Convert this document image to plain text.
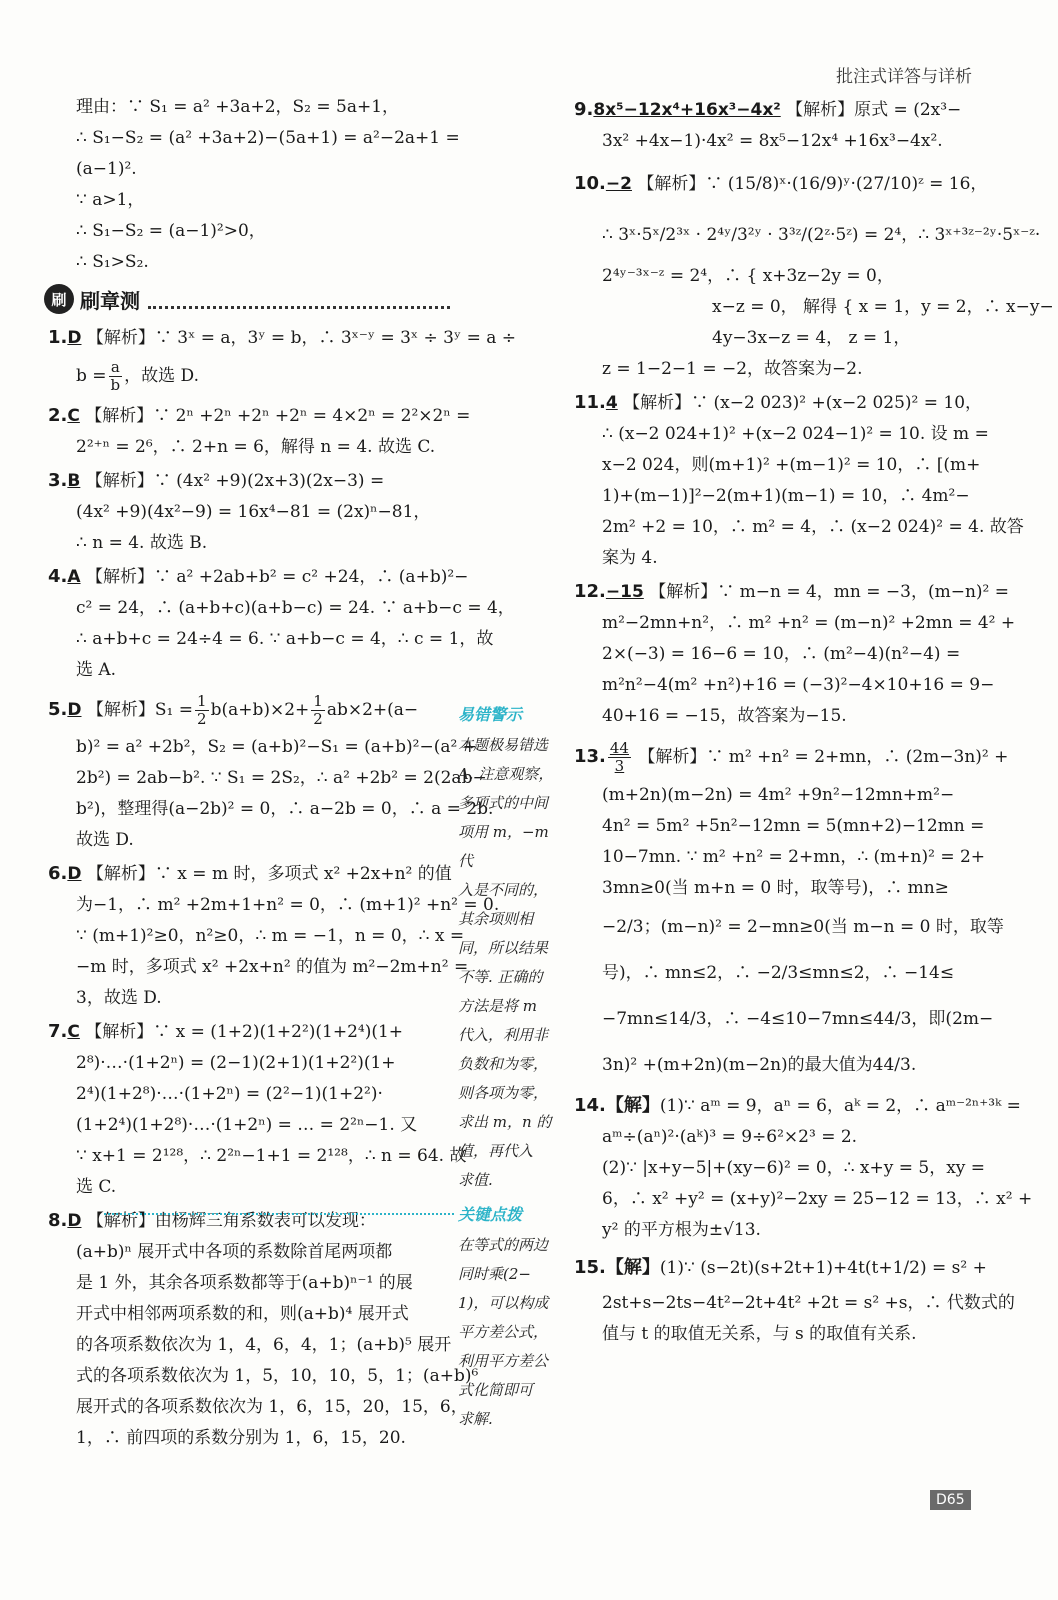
批注式详答与详析
理由：∵ S₁ = a² +3a+2，S₂ = 5a+1，
∴ S₁−S₂ = (a² +3a+2)−(5a+1) = a²−2a+1 =
(a−1)².
∵ a>1，
∴ S₁−S₂ = (a−1)²>0，
∴ S₁>S₂.
刷 刷章测
1.D 【解析】∵ 3ˣ = a，3ʸ = b，∴ 3ˣ⁻ʸ = 3ˣ ÷ 3ʸ = a ÷
$b = \frac{a}{b}$ ，故选 D.
2.C 【解析】∵ 2ⁿ +2ⁿ +2ⁿ +2ⁿ = 4×2ⁿ = 2²×2ⁿ =
2²⁺ⁿ = 2⁶，∴ 2+n = 6，解得 n = 4. 故选 C.
3.B 【解析】∵ (4x² +9)(2x+3)(2x−3) =
(4x² +9)(4x²−9) = 16x⁴−81 = (2x)ⁿ−81，
∴ n = 4. 故选 B.
4.A 【解析】∵ a² +2ab+b² = c² +24，∴ (a+b)²−
c² = 24，∴ (a+b+c)(a+b−c) = 24. ∵ a+b−c = 4，
∴ a+b+c = 24÷4 = 6. ∵ a+b−c = 4，∴ c = 1，故
选 A.
5.D 【解析】$S_1 = \frac{1}{2} b(a+b)\times 2+ \frac{1}{2} ab\times 2+(a-$
b)² = a² +2b²，S₂ = (a+b)²−S₁ = (a+b)²−(a² +
2b²) = 2ab−b². ∵ S₁ = 2S₂，∴ a² +2b² = 2(2ab−
b²)，整理得(a−2b)² = 0，∴ a−2b = 0，∴ a = 2b.
故选 D.
6.D 【解析】∵ x = m 时，多项式 x² +2x+n² 的值
为−1，∴ m² +2m+1+n² = 0，∴ (m+1)² +n² = 0.
∵ (m+1)²≥0，n²≥0，∴ m = −1，n = 0，∴ x =
−m 时，多项式 x² +2x+n² 的值为 m²−2m+n² =
3，故选 D.
7.C 【解析】∵ x = (1+2)(1+2²)(1+2⁴)(1+
2⁸)·…·(1+2ⁿ) = (2−1)(2+1)(1+2²)(1+
2⁴)(1+2⁸)·…·(1+2ⁿ) = (2²−1)(1+2²)·
(1+2⁴)(1+2⁸)·…·(1+2ⁿ) = … = 2²ⁿ−1. 又
∵ x+1 = 2¹²⁸，∴ 2²ⁿ−1+1 = 2¹²⁸，∴ n = 64. 故
选 C.
8.D 【解析】由杨辉三角系数表可以发现：
(a+b)ⁿ 展开式中各项的系数除首尾两项都
是 1 外，其余各项系数都等于(a+b)ⁿ⁻¹ 的展
开式中相邻两项系数的和，则(a+b)⁴ 展开式
的各项系数依次为 1，4，6，4，1；(a+b)⁵ 展开
式的各项系数依次为 1，5，10，10，5，1；(a+b)⁶
展开式的各项系数依次为 1，6，15，20，15，6，
1，∴ 前四项的系数分别为 1，6，15，20.
易错警示
本题极易错选
A. 注意观察，
多项式的中间
项用 m，−m 代
入是不同的，
其余项则相
同，所以结果
不等. 正确的
方法是将 m
代入，利用非
负数和为零，
则各项为零，
求出 m，n 的
值，再代入
求值.
关键点拨
在等式的两边
同时乘(2−
1)，可以构成
平方差公式，
利用平方差公
式化简即可
求解.
9.8x⁵−12x⁴+16x³−4x² 【解析】原式 = (2x³−
3x² +4x−1)·4x² = 8x⁵−12x⁴ +16x³−4x².
10.−2 【解析】∵ (15/8)ˣ·(16/9)ʸ·(27/10)ᶻ = 16，
∴ 3ˣ·5ˣ/2³ˣ · 2⁴ʸ/3²ʸ · 3³ᶻ/(2ᶻ·5ᶻ) = 2⁴，∴ 3ˣ⁺³ᶻ⁻²ʸ·5ˣ⁻ᶻ·
2⁴ʸ⁻³ˣ⁻ᶻ = 2⁴，∴ { x+3z−2y = 0，
x−z = 0， 解得 { x = 1，y = 2，∴ x−y−
4y−3x−z = 4， z = 1，
z = 1−2−1 = −2，故答案为−2.
11.4 【解析】∵ (x−2 023)² +(x−2 025)² = 10，
∴ (x−2 024+1)² +(x−2 024−1)² = 10. 设 m =
x−2 024，则(m+1)² +(m−1)² = 10，∴ [(m+
1)+(m−1)]²−2(m+1)(m−1) = 10，∴ 4m²−
2m² +2 = 10，∴ m² = 4，∴ (x−2 024)² = 4. 故答
案为 4.
12.−15 【解析】∵ m−n = 4，mn = −3，(m−n)² =
m²−2mn+n²，∴ m² +n² = (m−n)² +2mn = 4² +
2×(−3) = 16−6 = 10，∴ (m²−4)(n²−4) =
m²n²−4(m² +n²)+16 = (−3)²−4×10+16 = 9−
40+16 = −15，故答案为−15.
13. $\frac{44}{3}$ 【解析】∵ m² +n² = 2+mn，∴ (2m−3n)² +
(m+2n)(m−2n) = 4m² +9n²−12mn+m²−
4n² = 5m² +5n²−12mn = 5(mn+2)−12mn =
10−7mn. ∵ m² +n² = 2+mn，∴ (m+n)² = 2+
3mn≥0(当 m+n = 0 时，取等号)，∴ mn≥
−2/3；(m−n)² = 2−mn≥0(当 m−n = 0 时，取等
号)，∴ mn≤2，∴ −2/3≤mn≤2，∴ −14≤
−7mn≤14/3，∴ −4≤10−7mn≤44/3，即(2m−
3n)² +(m+2n)(m−2n)的最大值为44/3.
14.【解】(1)∵ aᵐ = 9，aⁿ = 6，aᵏ = 2，∴ aᵐ⁻²ⁿ⁺³ᵏ =
aᵐ÷(aⁿ)²·(aᵏ)³ = 9÷6²×2³ = 2.
(2)∵ |x+y−5|+(xy−6)² = 0，∴ x+y = 5，xy =
6，∴ x² +y² = (x+y)²−2xy = 25−12 = 13，∴ x² +
y² 的平方根为±√13.
15.【解】(1)∵ (s−2t)(s+2t+1)+4t(t+1/2) = s² +
2st+s−2ts−4t²−2t+4t² +2t = s² +s，∴ 代数式的
值与 t 的取值无关系，与 s 的取值有关系.
D65
